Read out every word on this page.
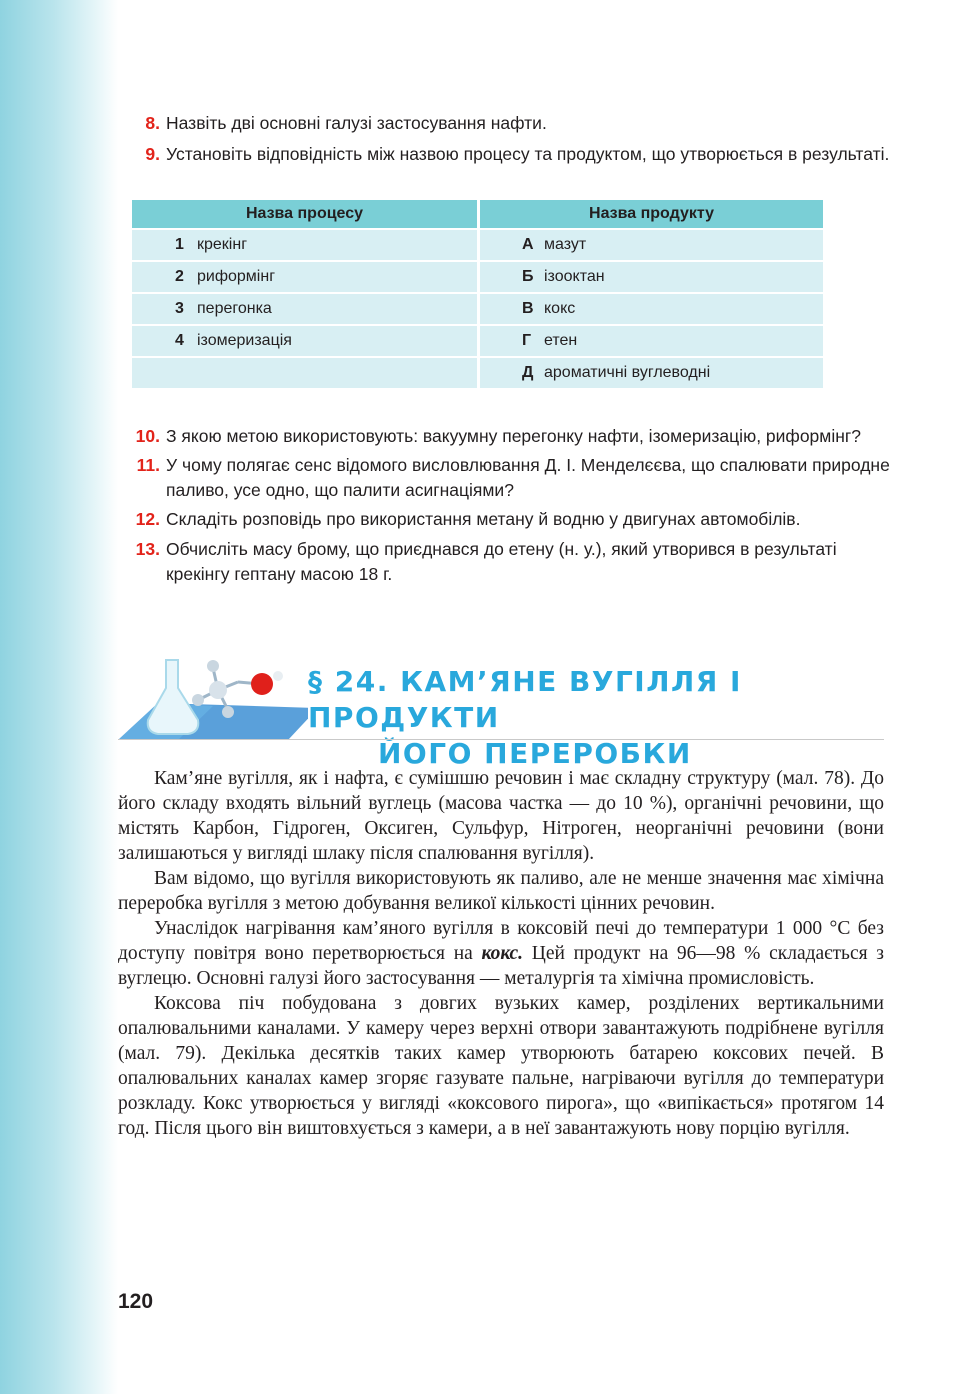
8. Назвіть дві основні галузі застосування нафти.
9. Установіть відповідність між назвою процесу та продуктом, що утворюється в результаті.
Назва процесу	Назва продукту
1 крекінг	А мазут
2 риформінг	Б ізооктан
3 перегонка	В кокс
4 ізомеризація	Г етен
	Д ароматичні вуглеводні
10. З якою метою використовують: вакуумну перегонку нафти, ізомеризацію, риформінг?
11. У чому полягає сенс відомого висловлювання Д. І. Менделєєва, що спалювати природне паливо, усе одно, що палити асигнаціями?
12. Складіть розповідь про використання метану й водню у двигунах автомобілів.
13. Обчисліть масу брому, що приєднався до етену (н. у.), який утворився в результаті крекінгу гептану масою 18 г.
§ 24. КАМ’ЯНЕ ВУГІЛЛЯ І ПРОДУКТИ
ЙОГО ПЕРЕРОБКИ

Кам’яне вугілля, як і нафта, є сумішшю речовин і має складну структуру (мал. 78). До його складу входять вільний вуглець (масова частка — до 10 %), органічні речовини, що містять Карбон, Гідроген, Оксиген, Сульфур, Нітроген, неорганічні речовини (вони залишаються у вигляді шлаку після спалювання вугілля).

Вам відомо, що вугілля використовують як паливо, але не менше значення має хімічна переробка вугілля з метою добування великої кількості цінних речовин.

Унаслідок нагрівання кам’яного вугілля в коксовій печі до температури 1 000 °С без доступу повітря воно перетворюється на кокс. Цей продукт на 96—98 % складається з вуглецю. Основні галузі його застосування — металургія та хімічна промисловість.

Коксова піч побудована з довгих вузьких камер, розділених вертикальними опалювальними каналами. У камеру через верхні отвори завантажують подрібнене вугілля (мал. 79). Декілька десятків таких камер утворюють батарею коксових печей. В опалювальних каналах камер згоряє газувате пальне, нагріваючи вугілля до температури розкладу. Кокс утворюється у вигляді «коксового пирога», що «випікається» протягом 14 год. Після цього він виштовхується з камери, а в неї завантажують нову порцію вугілля.

120
